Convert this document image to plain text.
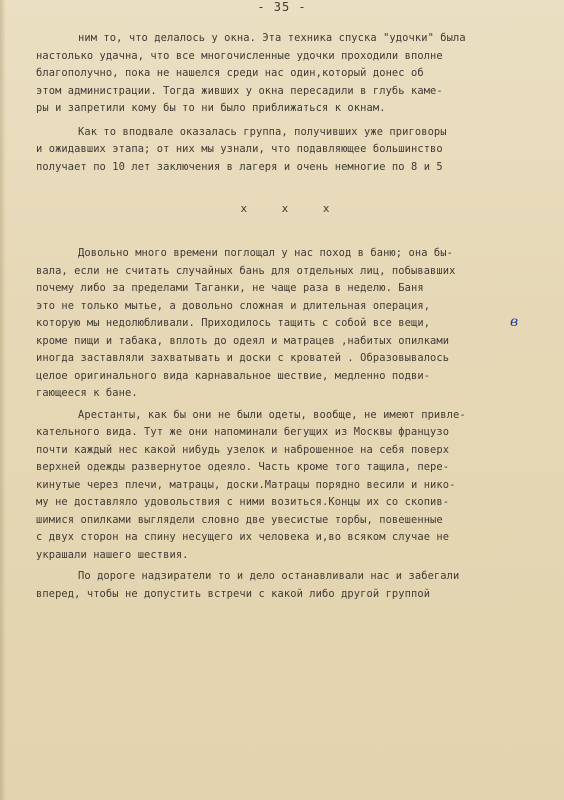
- 35 -
ним то, что делалось у окна. Эта техника спуска "удочки" была
настолько удачна, что все многочисленные удочки проходили вполне
благополучно, пока не нашелся среди нас один,который донес об
этом администрации. Тогда живших у окна пересадили в глубь каме-
ры и запретили кому бы то ни было приближаться к окнам.
Как то вподвале оказалась группа, получивших уже приговоры
и ожидавших этапа; от них мы узнали, что подавляющее большинство
получает по 10 лет заключения в лагеря и очень немногие по 8 и 5
x x x
Довольно много времени поглощал у нас поход в баню; она бы-
вала, если не считать случайных бань для отдельных лиц, побывавших
почему либо за пределами Таганки, не чаще раза в неделю. Баня
это не только мытье, а довольно сложная и длительная операция,
которую мы недолюбливали. Приходилось тащить с собой все вещи,
кроме пищи и табака, вплоть до одеял и матрацев ,набитых опилками
иногда заставляли захватывать и доски с кроватей . Образовывалось
целое оригинального вида карнавальное шествие, медленно подви-
гающееся к бане.
Арестанты, как бы они не были одеты, вообще, не имеют привле-
кательного вида. Тут же они напоминали бегущих из Москвы французо
почти каждый нес какой нибудь узелок и наброшенное на себя поверх
верхней одежды развернутое одеяло. Часть кроме того тащила, пере-
кинутые через плечи, матрацы, доски.Матрацы порядно весили и нико-
му не доставляло удовольствия с ними возиться.Концы их со скопив-
шимися опилками выглядели словно две увесистые торбы, повешенные
с двух сторон на спину несущего их человека и,во всяком случае не
украшали нашего шествия.
По дороге надзиратели то и дело останавливали нас и забегали
вперед, чтобы не допустить встречи с какой либо другой группой
в
